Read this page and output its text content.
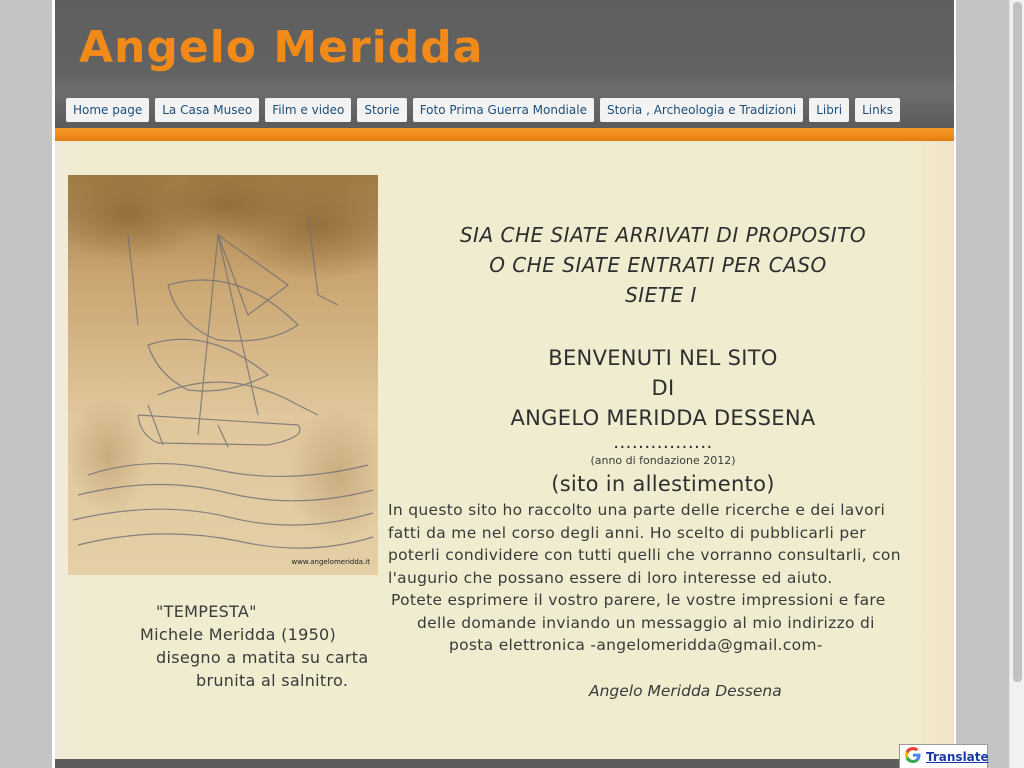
Angelo Meridda
Home page	La Casa Museo	Film e video	Storie	Foto Prima Guerra Mondiale	Storia , Archeologia e Tradizioni	Libri	Links
www.angelomeridda.it
"TEMPESTA"
Michele Meridda (1950)
disegno a matita su carta
brunita al salnitro.
SIA CHE SIATE ARRIVATI DI PROPOSITO
O CHE SIATE ENTRATI PER CASO
SIETE I
BENVENUTI NEL SITO
DI
ANGELO MERIDDA DESSENA
................
(anno di fondazione 2012)
(sito in allestimento)
In questo sito ho raccolto una parte delle ricerche e dei lavori
fatti da me nel corso degli anni. Ho scelto di pubblicarli per
poterli condividere con tutti quelli che vorranno consultarli, con
l'augurio che possano essere di loro interesse ed aiuto.
Potete esprimere il vostro parere, le vostre impressioni e fare
delle domande inviando un messaggio al mio indirizzo di
posta elettronica -angelomeridda@gmail.com-
Angelo Meridda Dessena
Translate
